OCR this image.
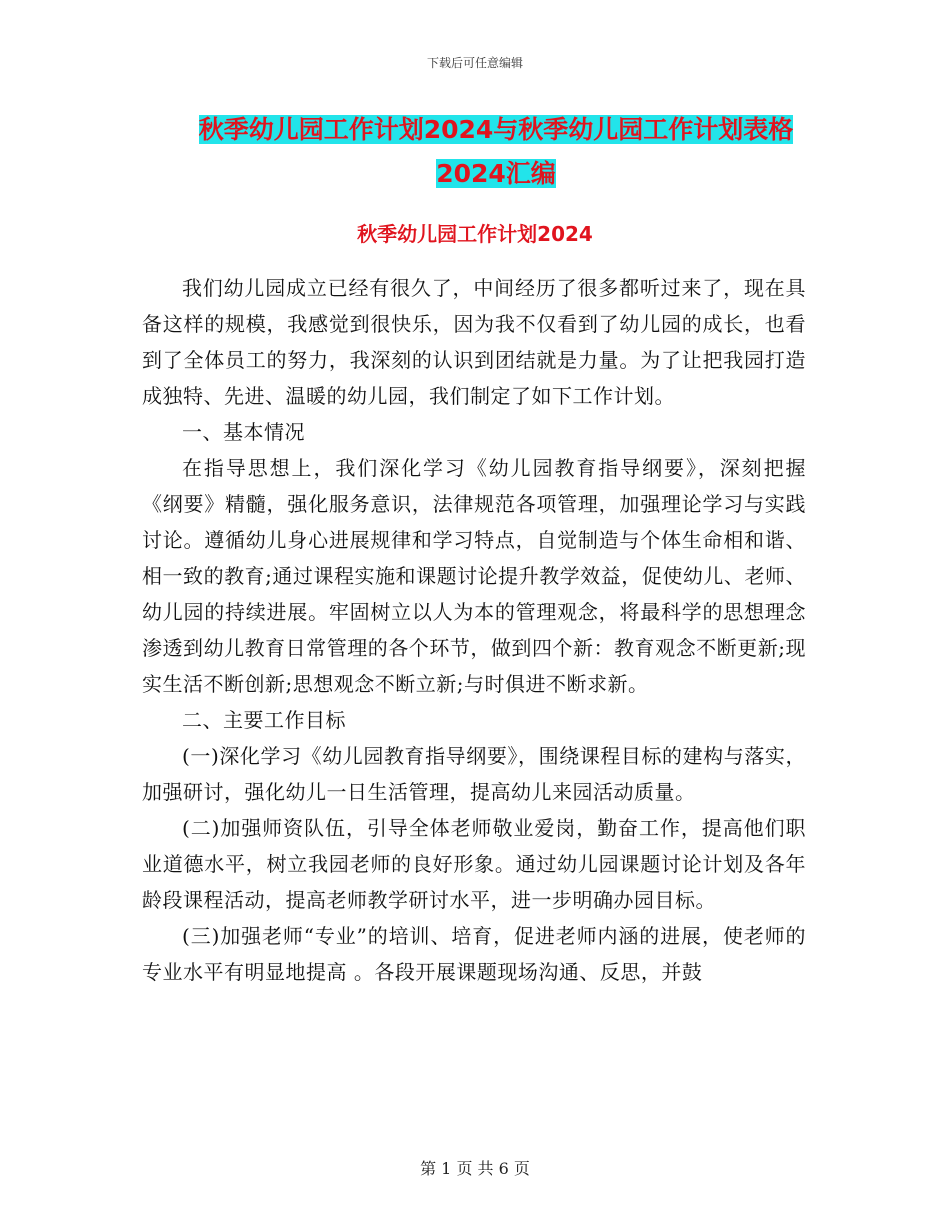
下载后可任意编辑
秋季幼儿园工作计划2024与秋季幼儿园工作计划表格
2024汇编
秋季幼儿园工作计划2024

我们幼儿园成立已经有很久了，中间经历了很多都听过来了，现在具备这样的规模，我感觉到很快乐，因为我不仅看到了幼儿园的成长，也看到了全体员工的努力，我深刻的认识到团结就是力量。为了让把我园打造成独特、先进、温暖的幼儿园，我们制定了如下工作计划。

一、基本情况

在指导思想上，我们深化学习《幼儿园教育指导纲要》，深刻把握《纲要》精髓，强化服务意识，法律规范各项管理，加强理论学习与实践讨论。遵循幼儿身心进展规律和学习特点，自觉制造与个体生命相和谐、相一致的教育;通过课程实施和课题讨论提升教学效益，促使幼儿、老师、幼儿园的持续进展。牢固树立以人为本的管理观念，将最科学的思想理念渗透到幼儿教育日常管理的各个环节，做到四个新：教育观念不断更新;现实生活不断创新;思想观念不断立新;与时俱进不断求新。

二、主要工作目标

(一)深化学习《幼儿园教育指导纲要》，围绕课程目标的建构与落实，加强研讨，强化幼儿一日生活管理，提高幼儿来园活动质量。

(二)加强师资队伍，引导全体老师敬业爱岗，勤奋工作，提高他们职业道德水平，树立我园老师的良好形象。通过幼儿园课题讨论计划及各年龄段课程活动，提高老师教学研讨水平，进一步明确办园目标。

(三)加强老师“专业”的培训、培育，促进老师内涵的进展，使老师的专业水平有明显地提高 。各段开展课题现场沟通、反思，并鼓

第 1 页 共 6 页
